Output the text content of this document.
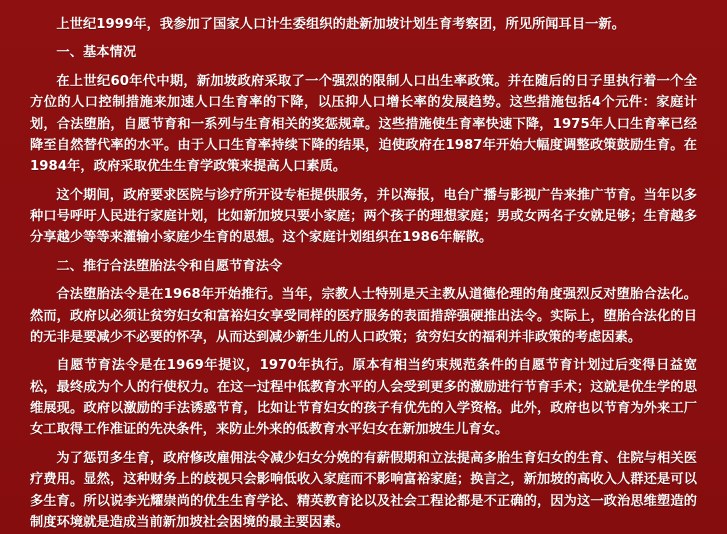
上世纪1999年，我参加了国家人口计生委组织的赴新加坡计划生育考察团，所见所闻耳目一新。

一、基本情况

在上世纪60年代中期，新加坡政府采取了一个强烈的限制人口出生率政策。并在随后的日子里执行着一个全方位的人口控制措施来加速人口生育率的下降，以压抑人口增长率的发展趋势。这些措施包括4个元件：家庭计划，合法堕胎，自愿节育和一系列与生育相关的奖惩规章。这些措施使生育率快速下降，1975年人口生育率已经降至自然替代率的水平。由于人口生育率持续下降的结果，迫使政府在1987年开始大幅度调整政策鼓励生育。在1984年，政府采取优生生育学政策来提高人口素质。

这个期间，政府要求医院与诊疗所开设专柜提供服务，并以海报，电台广播与影视广告来推广节育。当年以多种口号呼吁人民进行家庭计划，比如新加坡只要小家庭；两个孩子的理想家庭；男或女两名子女就足够；生育越多分享越少等等来灌输小家庭少生育的思想。这个家庭计划组织在1986年解散。

二、推行合法堕胎法令和自愿节育法令

合法堕胎法令是在1968年开始推行。当年，宗教人士特别是天主教从道德伦理的角度强烈反对堕胎合法化。然而，政府以必须让贫穷妇女和富裕妇女享受同样的医疗服务的表面措辞强硬推出法令。实际上，堕胎合法化的目的无非是要减少不必要的怀孕，从而达到减少新生儿的人口政策；贫穷妇女的福利并非政策的考虑因素。

自愿节育法令是在1969年提议，1970年执行。原本有相当约束规范条件的自愿节育计划过后变得日益宽松，最终成为个人的行使权力。在这一过程中低教育水平的人会受到更多的激励进行节育手术；这就是优生学的思维展现。政府以激励的手法诱惑节育，比如让节育妇女的孩子有优先的入学资格。此外，政府也以节育为外来工厂女工取得工作准证的先决条件，来防止外来的低教育水平妇女在新加坡生儿育女。

为了惩罚多生育，政府修改雇佣法令减少妇女分娩的有薪假期和立法提高多胎生育妇女的生育、住院与相关医疗费用。显然，这种财务上的歧视只会影响低收入家庭而不影响富裕家庭；换言之，新加坡的高收入人群还是可以多生育。所以说李光耀崇尚的优生生育学论、精英教育论以及社会工程论都是不正确的，因为这一政治思维塑造的制度环境就是造成当前新加坡社会困境的最主要因素。
